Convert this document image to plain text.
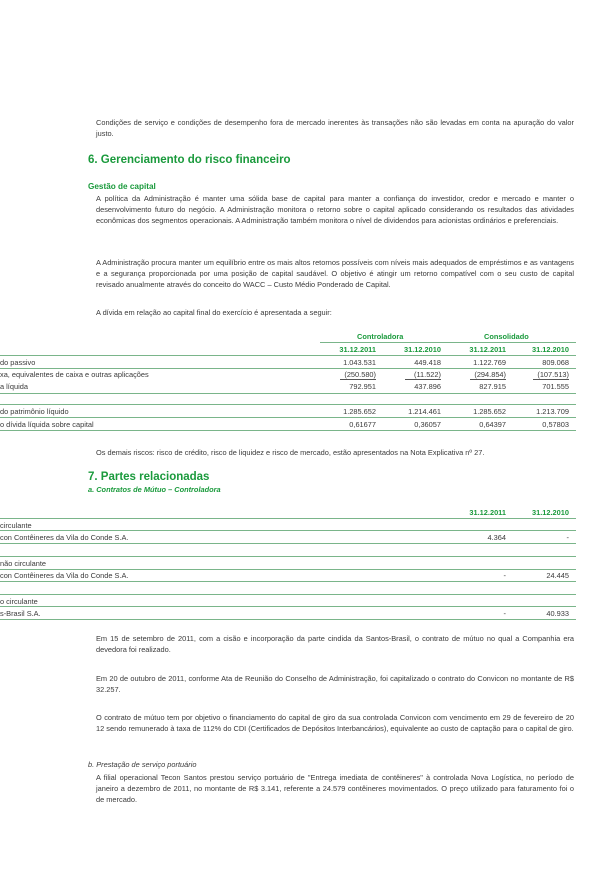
Condições de serviço e condições de desempenho fora de mercado inerentes às transações não são levadas em conta na apuração do valor justo.
6. Gerenciamento do risco financeiro
Gestão de capital
A política da Administração é manter uma sólida base de capital para manter a confiança do investidor, credor e mercado e manter o desenvolvimento futuro do negócio. A Administração monitora o retorno sobre o capital aplicado considerando os resultados das atividades econômicas dos segmentos operacionais. A Administração também monitora o nível de dividendos para acionistas ordinários e preferenciais.
A Administração procura manter um equilíbrio entre os mais altos retornos possíveis com níveis mais adequados de empréstimos e as vantagens e a segurança proporcionada por uma posição de capital saudável. O objetivo é atingir um retorno compatível com o seu custo de capital revisado anualmente através do conceito do WACC – Custo Médio Ponderado de Capital.
A dívida em relação ao capital final do exercício é apresentada a seguir:
Controladora	Consolidado
31.12.2011	31.12.2010	31.12.2011	31.12.2010
do passivo	1.043.531	449.418	1.122.769	809.068
xa, equivalentes de caixa e outras aplicações	(250.580)	(11.522)	(294.854)	(107.513)
a líquida	792.951	437.896	827.915	701.555
do patrimônio líquido	1.285.652	1.214.461	1.285.652	1.213.709
o dívida líquida sobre capital	0,61677	0,36057	0,64397	0,57803
Os demais riscos: risco de crédito, risco de liquidez e risco de mercado, estão apresentados na Nota Explicativa nº 27.
7. Partes relacionadas
a. Contratos de Mútuo – Controladora
31.12.2011	31.12.2010
circulante
con Contêineres da Vila do Conde S.A.	4.364	-
não circulante
con Contêineres da Vila do Conde S.A.	-	24.445
o circulante
s-Brasil S.A.	-	40.933
Em 15 de setembro de 2011, com a cisão e incorporação da parte cindida da Santos-Brasil, o contrato de mútuo no qual a Companhia era devedora foi realizado.
Em 20 de outubro de 2011, conforme Ata de Reunião do Conselho de Administração, foi capitalizado o contrato do Convicon no montante de R$ 32.257.
O contrato de mútuo tem por objetivo o financiamento do capital de giro da sua controlada Convicon com vencimento em 29 de fevereiro de 20 12 sendo remunerado à taxa de 112% do CDI (Certificados de Depósitos Interbancários), equivalente ao custo de captação para o capital de giro.
b. Prestação de serviço portuário
A filial operacional Tecon Santos prestou serviço portuário de "Entrega imediata de contêineres" à controlada Nova Logística, no período de janeiro a dezembro de 2011, no montante de R$ 3.141, referente a 24.579 contêineres movimentados. O preço utilizado para faturamento foi o de mercado.
